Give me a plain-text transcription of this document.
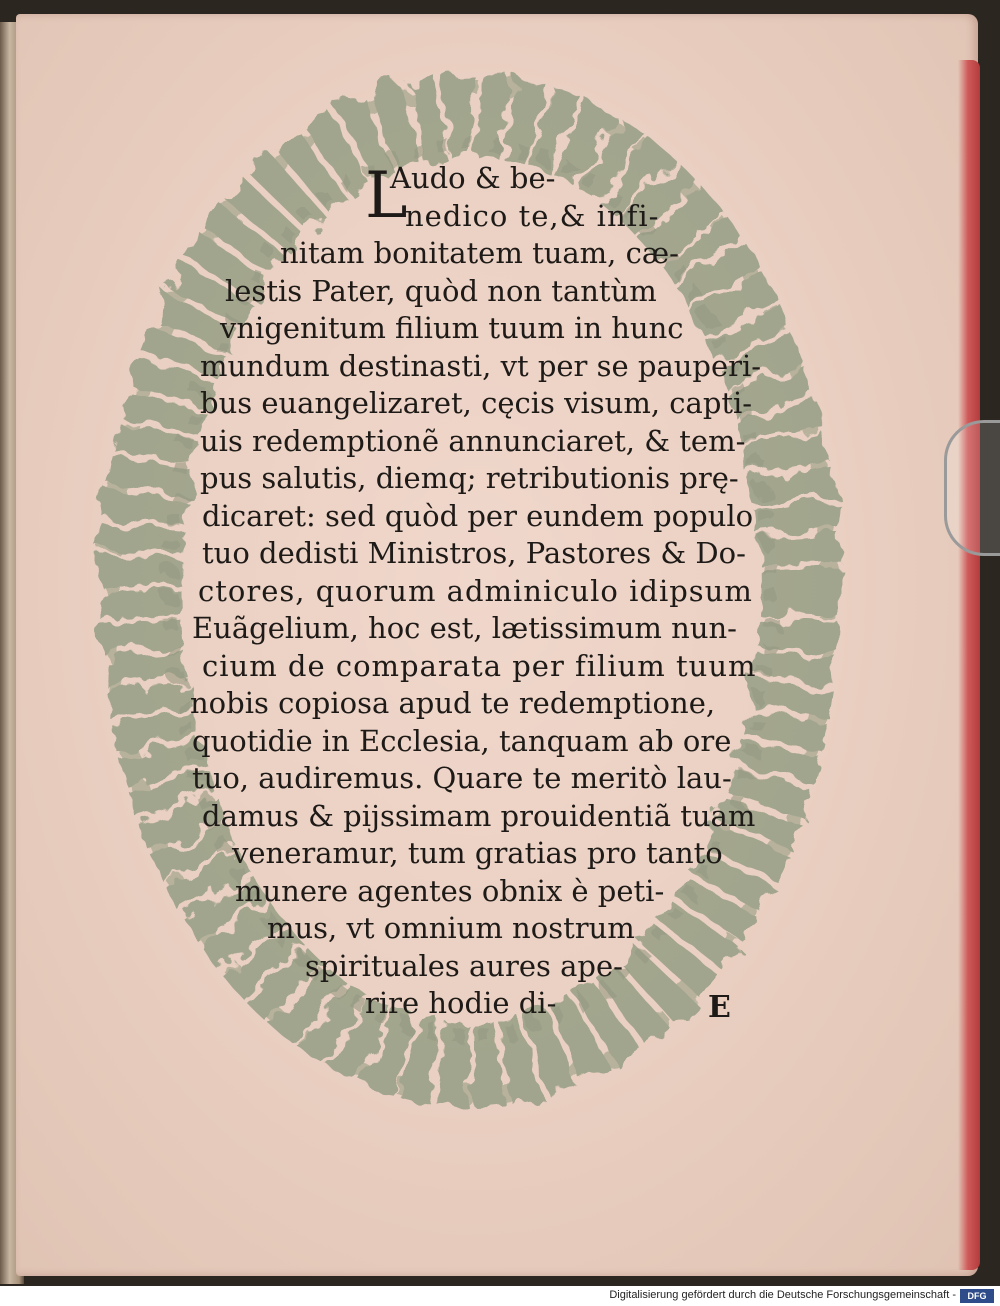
L
Audo & be-
nedico te,& infi-
nitam bonitatem tuam, cæ-
lestis Pater, quòd non tantùm
vnigenitum filium tuum in hunc
mundum destinasti, vt per se pauperi-
bus euangelizaret, cęcis visum, capti-
uis redemptionẽ annunciaret, & tem-
pus salutis, diemq; retributionis prę-
dicaret: sed quòd per eundem populo
tuo dedisti Ministros, Pastores & Do-
ctores, quorum adminiculo idipsum
Euãgelium, hoc est, lætissimum nun-
cium de comparata per filium tuum
nobis copiosa apud te redemptione,
quotidie in Ecclesia, tanquam ab ore
tuo, audiremus. Quare te meritò lau-
damus & pijssimam prouidentiã tuam
veneramur, tum gratias pro tanto
munere agentes obnix è peti-
mus, vt omnium nostrum
spirituales aures ape-
rire hodie di-	E
Digitalisierung gefördert durch die Deutsche Forschungsgemeinschaft -	DFG
